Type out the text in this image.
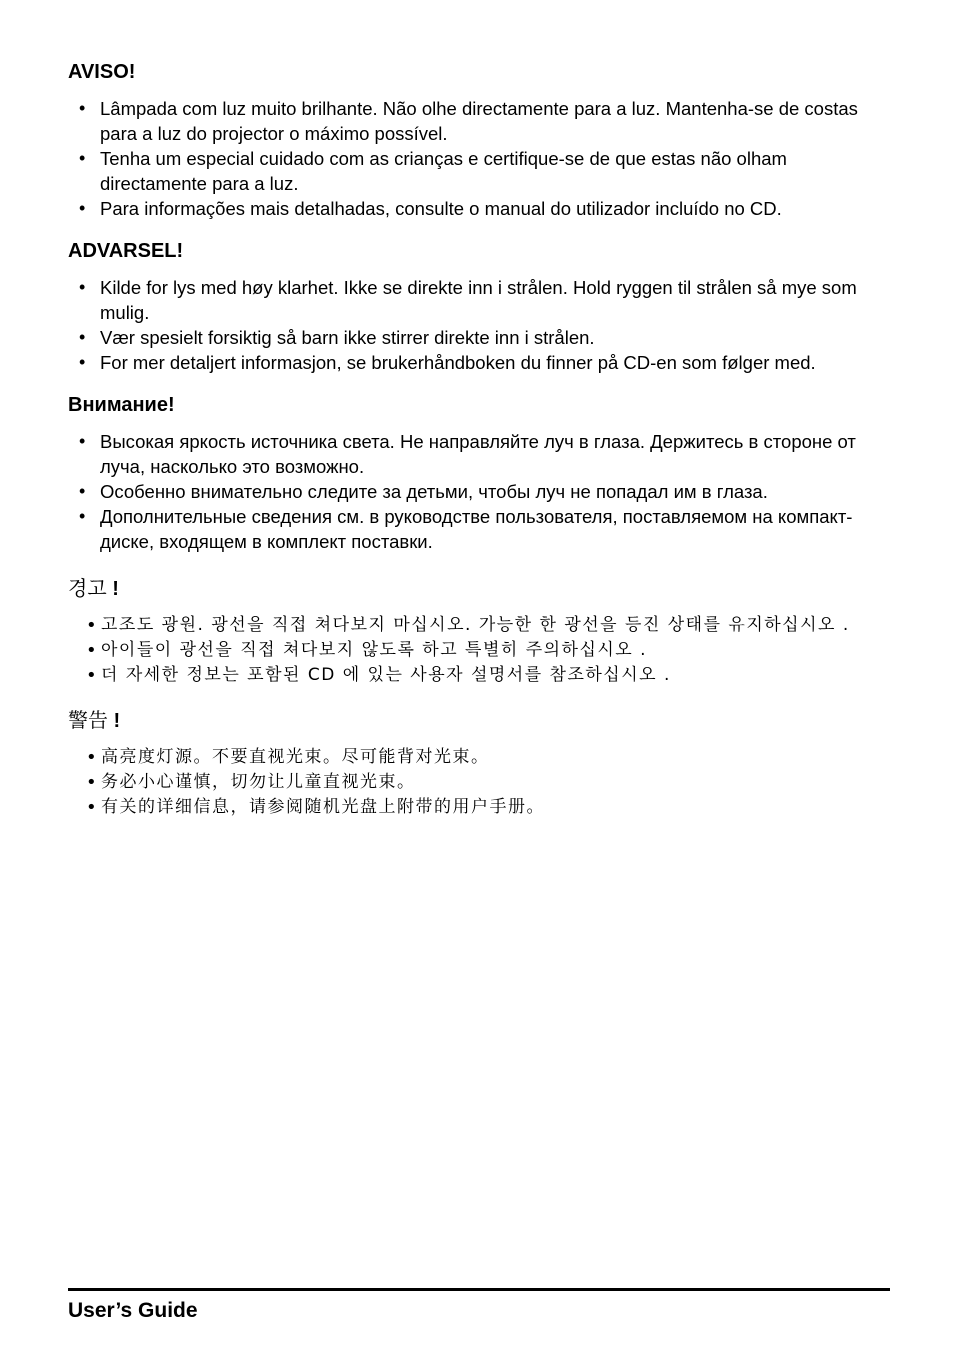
AVISO!
• Lâmpada com luz muito brilhante. Não olhe directamente para a luz. Mantenha-se de costas para a luz do projector o máximo possível.
• Tenha um especial cuidado com as crianças e certifique-se de que estas não olham directamente para a luz.
• Para informações mais detalhadas, consulte o manual do utilizador incluído no CD.
ADVARSEL!
• Kilde for lys med høy klarhet. Ikke se direkte inn i strålen. Hold ryggen til strålen så mye som mulig.
• Vær spesielt forsiktig så barn ikke stirrer direkte inn i strålen.
• For mer detaljert informasjon, se brukerhåndboken du finner på CD-en som følger med.
Внимание!
• Высокая яркость источника света. Не направляйте луч в глаза. Держитесь в стороне от луча, насколько это возможно.
• Особенно внимательно следите за детьми, чтобы луч не попадал им в глаза.
• Дополнительные сведения см. в руководстве пользователя, поставляемом на компакт-диске, входящем в комплект поставки.
경고 !
• 고조도 광원. 광선을 직접 쳐다보지 마십시오. 가능한 한 광선을 등진 상태를 유지하십시오 .
• 아이들이 광선을 직접 쳐다보지 않도록 하고 특별히 주의하십시오 .
• 더 자세한 정보는 포함된 CD 에 있는 사용자 설명서를 참조하십시오 .
警告 !
• 高亮度灯源。不要直视光束。尽可能背对光束。
• 务必小心谨慎，切勿让儿童直视光束。
• 有关的详细信息，请参阅随机光盘上附带的用户手册。
User’s Guide
